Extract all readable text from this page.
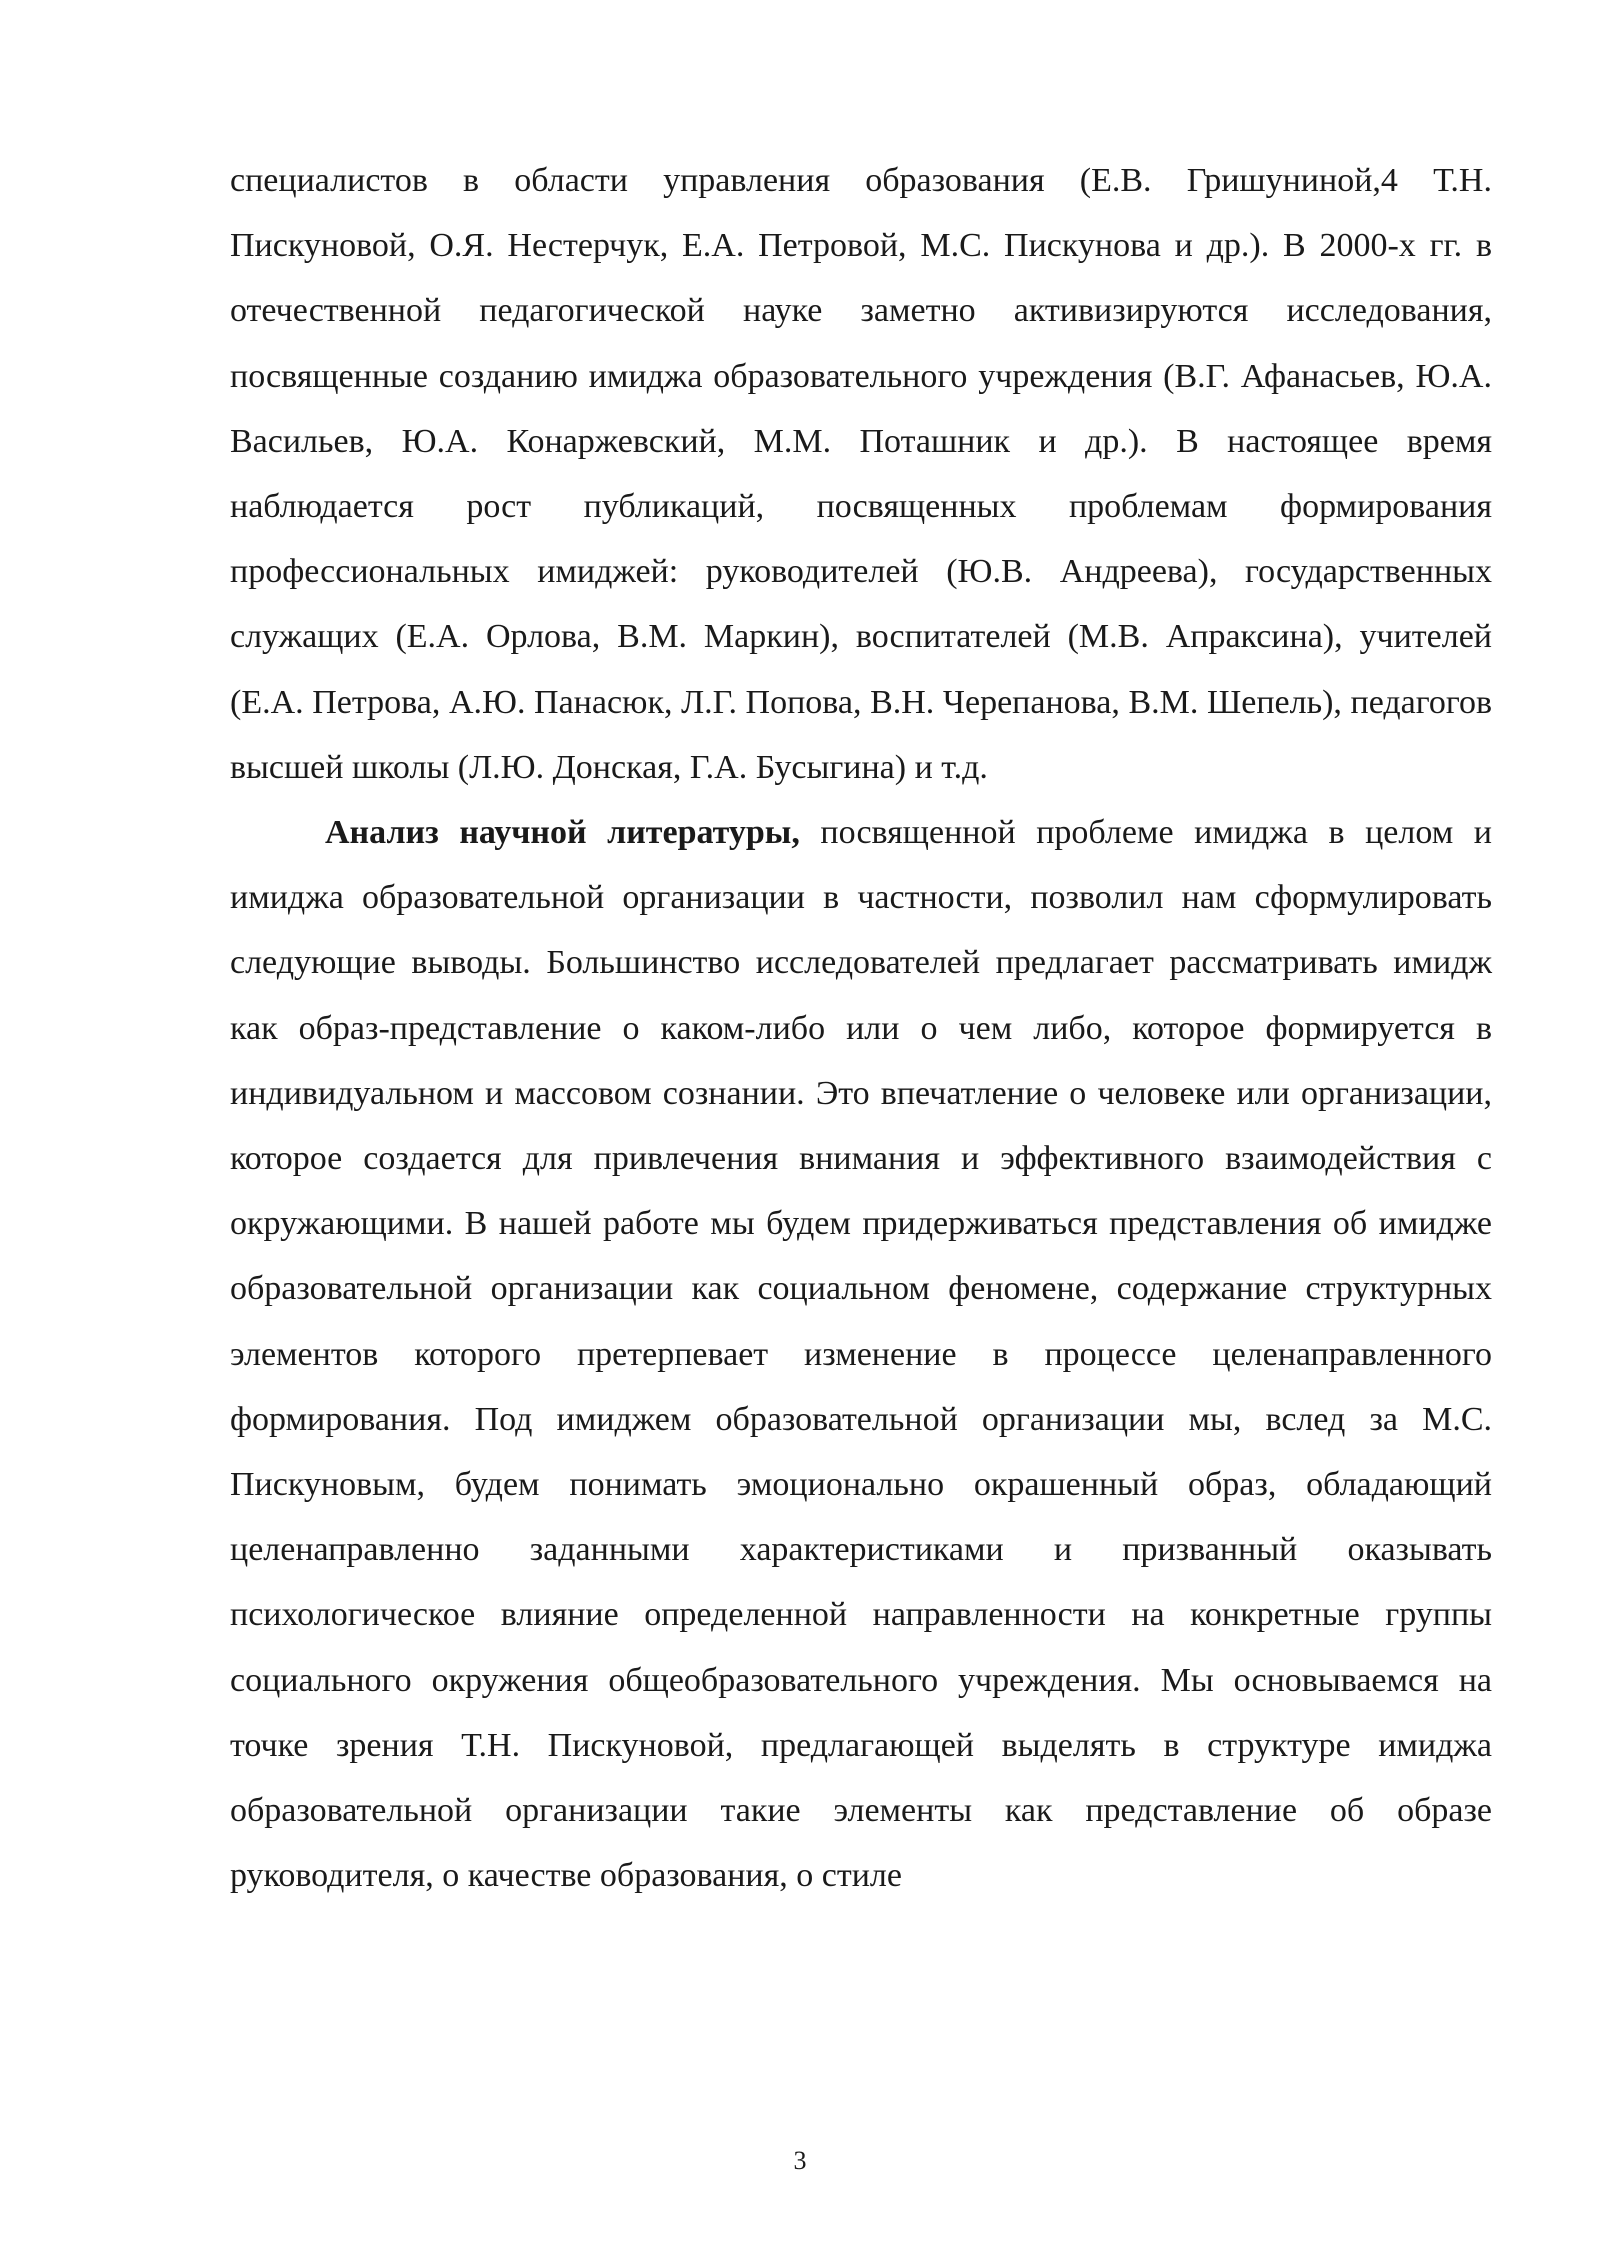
специалистов в области управления образования (Е.В. Гришуниной,4 Т.Н. Пискуновой, О.Я. Нестерчук, Е.А. Петровой, М.С. Пискунова и др.). В 2000-х гг. в отечественной педагогической науке заметно активизируются исследования, посвященные созданию имиджа образовательного учреждения (В.Г. Афанасьев, Ю.А. Васильев, Ю.А. Конаржевский, М.М. Поташник и др.). В настоящее время наблюдается рост публикаций, посвященных проблемам формирования профессиональных имиджей: руководителей (Ю.В. Андреева), государственных служащих (Е.А. Орлова, В.М. Маркин), воспитателей (М.В. Апраксина), учителей (Е.А. Петрова, А.Ю. Панасюк, Л.Г. Попова, В.Н. Черепанова, В.М. Шепель), педагогов высшей школы (Л.Ю. Донская, Г.А. Бусыгина) и т.д.

Анализ научной литературы, посвященной проблеме имиджа в целом и имиджа образовательной организации в частности, позволил нам сформулировать следующие выводы. Большинство исследователей предлагает рассматривать имидж как образ-представление о каком-либо или о чем либо, которое формируется в индивидуальном и массовом сознании. Это впечатление о человеке или организации, которое создается для привлечения внимания и эффективного взаимодействия с окружающими. В нашей работе мы будем придерживаться представления об имидже образовательной организации как социальном феномене, содержание структурных элементов которого претерпевает изменение в процессе целенаправленного формирования. Под имиджем образовательной организации мы, вслед за М.С. Пискуновым, будем понимать эмоционально окрашенный образ, обладающий целенаправленно заданными характеристиками и призванный оказывать психологическое влияние определенной направленности на конкретные группы социального окружения общеобразовательного учреждения. Мы основываемся на точке зрения Т.Н. Пискуновой, предлагающей выделять в структуре имиджа образовательной организации такие элементы как представление об образе руководителя, о качестве образования, о стиле

3
